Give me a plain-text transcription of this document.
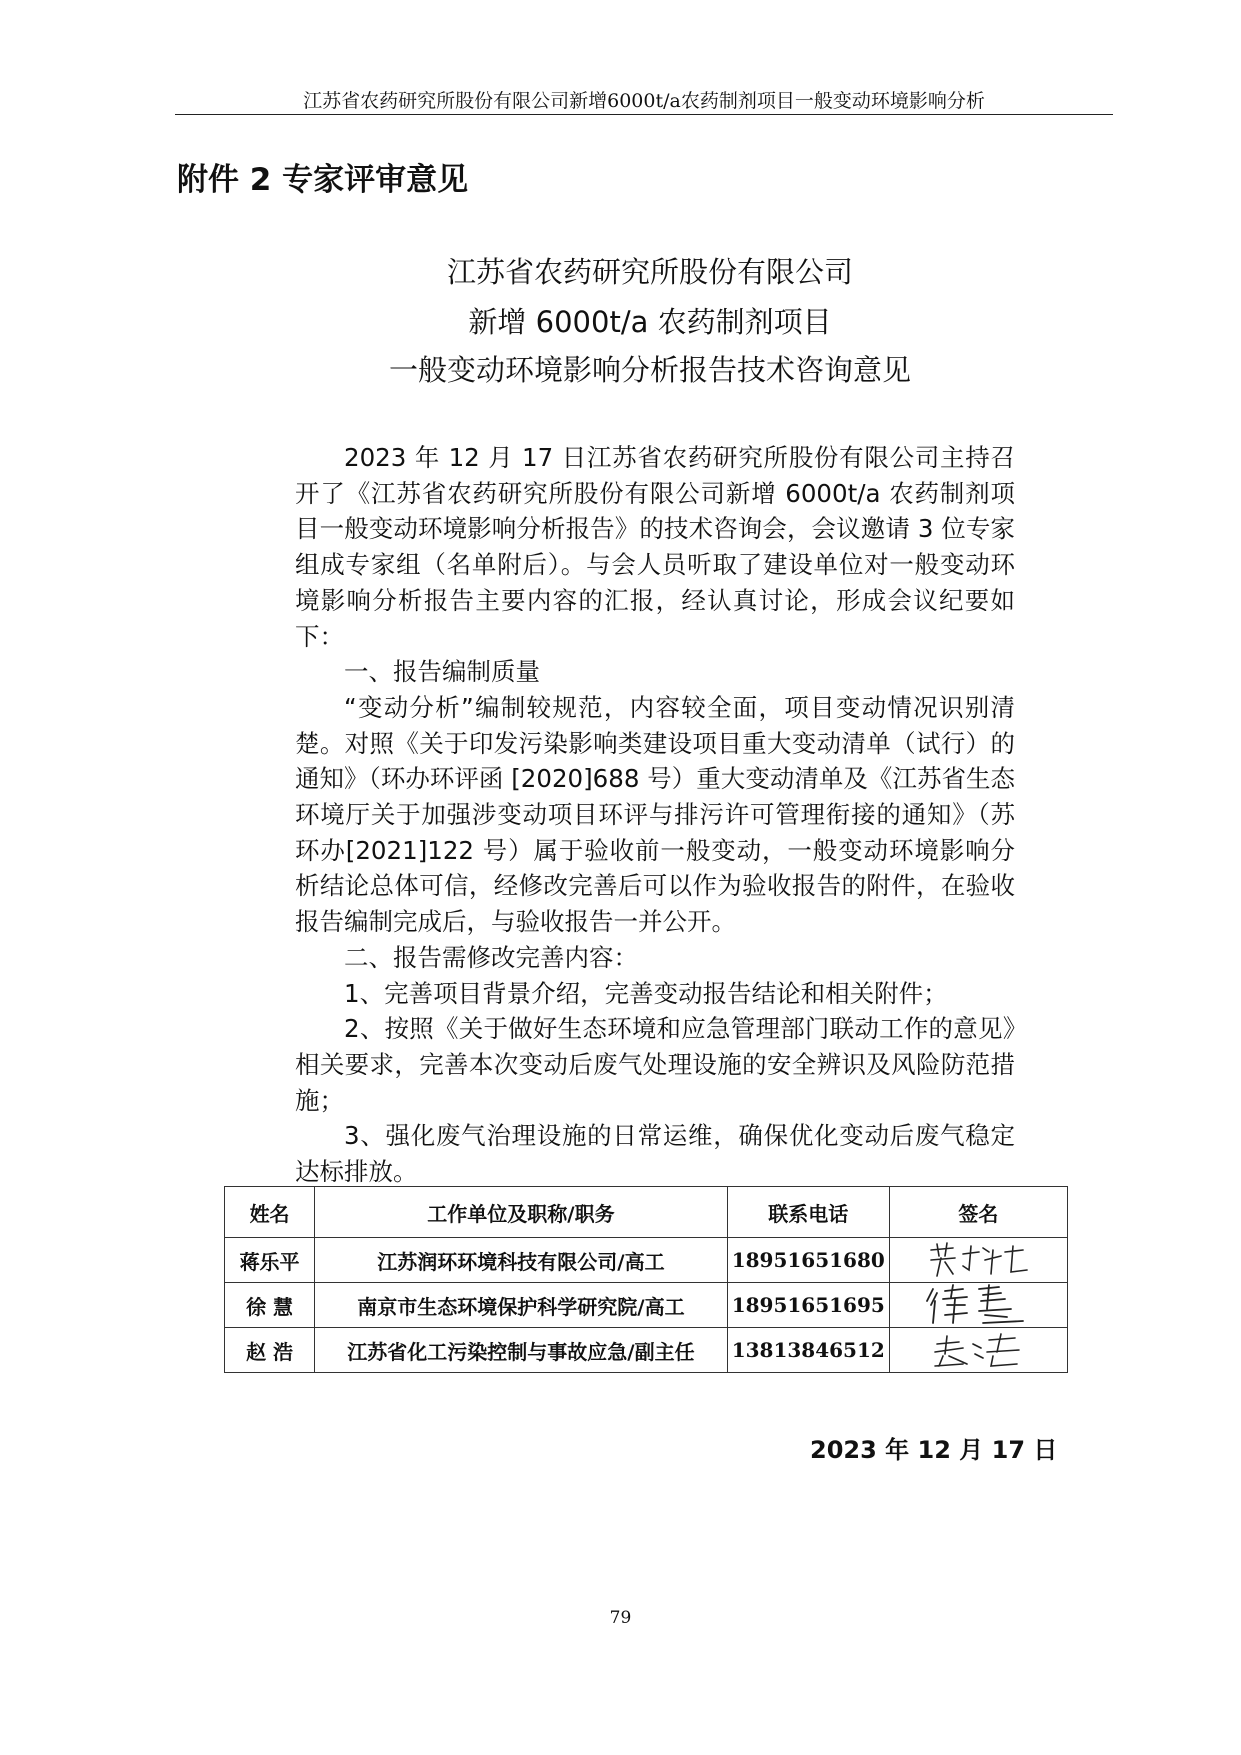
江苏省农药研究所股份有限公司新增6000t/a农药制剂项目一般变动环境影响分析
附件 2 专家评审意见
江苏省农药研究所股份有限公司
新增 6000t/a 农药制剂项目
一般变动环境影响分析报告技术咨询意见

2023 年 12 月 17 日江苏省农药研究所股份有限公司主持召开了《江苏省农药研究所股份有限公司新增 6000t/a 农药制剂项目一般变动环境影响分析报告》的技术咨询会，会议邀请 3 位专家组成专家组（名单附后）。与会人员听取了建设单位对一般变动环境影响分析报告主要内容的汇报，经认真讨论，形成会议纪要如下：

一、报告编制质量

“变动分析”编制较规范，内容较全面，项目变动情况识别清楚。对照《关于印发污染影响类建设项目重大变动清单（试行）的通知》（环办环评函 [2020]688 号）重大变动清单及《江苏省生态环境厅关于加强涉变动项目环评与排污许可管理衔接的通知》（苏环办[2021]122 号）属于验收前一般变动，一般变动环境影响分析结论总体可信，经修改完善后可以作为验收报告的附件，在验收报告编制完成后，与验收报告一并公开。

二、报告需修改完善内容：

1、完善项目背景介绍，完善变动报告结论和相关附件；

2、按照《关于做好生态环境和应急管理部门联动工作的意见》相关要求，完善本次变动后废气处理设施的安全辨识及风险防范措施；

3、强化废气治理设施的日常运维，确保优化变动后废气稳定达标排放。

姓名	工作单位及职称/职务	联系电话	签名
蒋乐平	江苏润环环境科技有限公司/高工	18951651680	

徐 慧	南京市生态环境保护科学研究院/高工	18951651695	

赵 浩	江苏省化工污染控制与事故应急/副主任	13813846512	
2023 年 12 月 17 日
79
